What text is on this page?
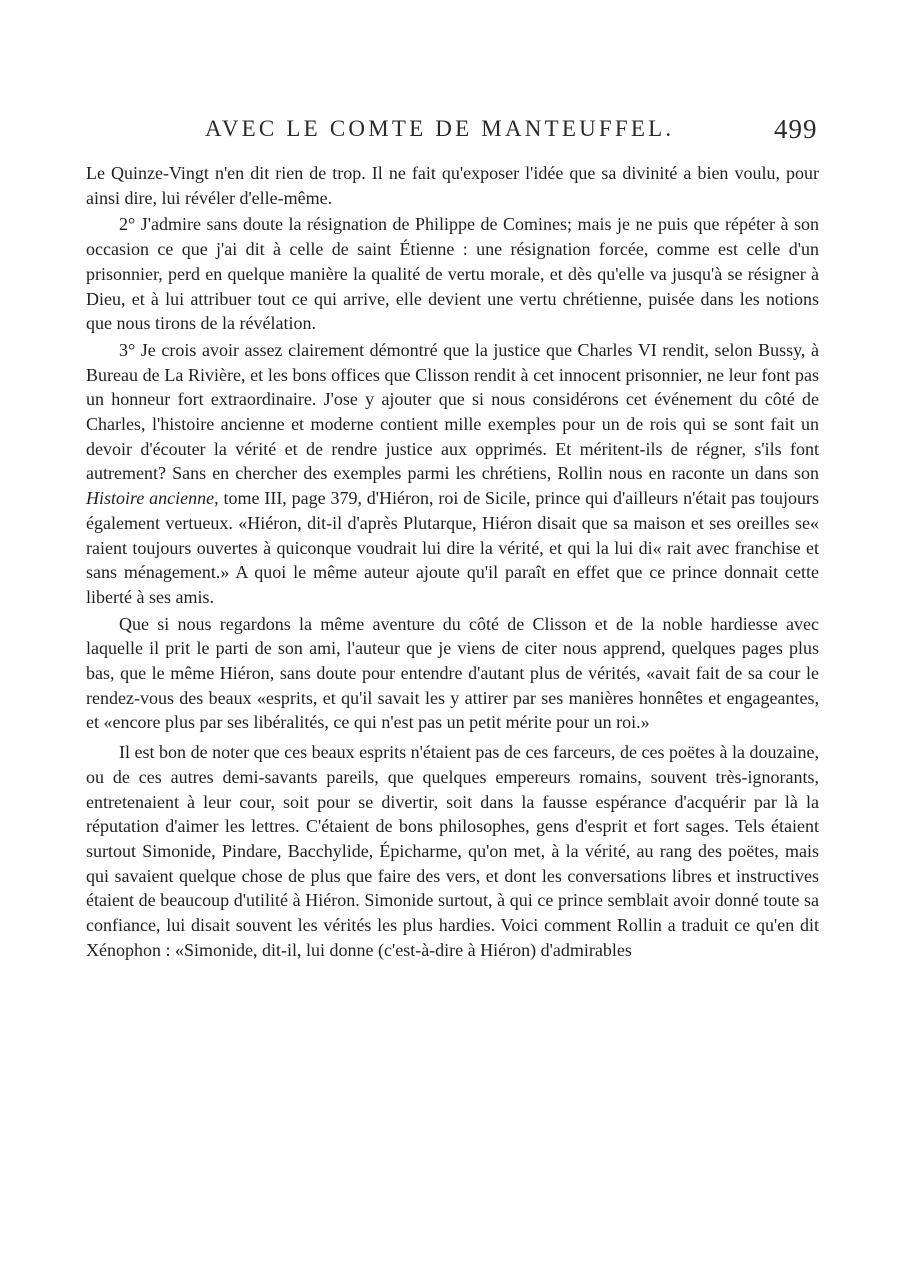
AVEC LE COMTE DE MANTEUFFEL.	499

Le Quinze-Vingt n'en dit rien de trop. Il ne fait qu'exposer l'idée que sa divinité a bien voulu, pour ainsi dire, lui révéler d'elle-même.

2° J'admire sans doute la résignation de Philippe de Comines; mais je ne puis que répéter à son occasion ce que j'ai dit à celle de saint Étienne : une résignation forcée, comme est celle d'un prisonnier, perd en quelque manière la qualité de vertu morale, et dès qu'elle va jusqu'à se résigner à Dieu, et à lui attribuer tout ce qui arrive, elle devient une vertu chrétienne, puisée dans les notions que nous tirons de la révélation.

3° Je crois avoir assez clairement démontré que la justice que Charles VI rendit, selon Bussy, à Bureau de La Rivière, et les bons offices que Clisson rendit à cet innocent prisonnier, ne leur font pas un honneur fort extraordinaire. J'ose y ajouter que si nous considérons cet événement du côté de Charles, l'histoire ancienne et moderne contient mille exemples pour un de rois qui se sont fait un devoir d'écouter la vérité et de rendre justice aux opprimés. Et méritent-ils de régner, s'ils font autrement? Sans en chercher des exemples parmi les chrétiens, Rollin nous en raconte un dans son Histoire ancienne, tome III, page 379, d'Hiéron, roi de Sicile, prince qui d'ailleurs n'était pas toujours également vertueux. «Hiéron, dit-il d'après Plutarque, Hiéron disait que sa maison et ses oreilles se« raient toujours ouvertes à quiconque voudrait lui dire la vérité, et qui la lui di« rait avec franchise et sans ménagement.» A quoi le même auteur ajoute qu'il paraît en effet que ce prince donnait cette liberté à ses amis.

Que si nous regardons la même aventure du côté de Clisson et de la noble hardiesse avec laquelle il prit le parti de son ami, l'auteur que je viens de citer nous apprend, quelques pages plus bas, que le même Hiéron, sans doute pour entendre d'autant plus de vérités, «avait fait de sa cour le rendez-vous des beaux «esprits, et qu'il savait les y attirer par ses manières honnêtes et engageantes, et «encore plus par ses libéralités, ce qui n'est pas un petit mérite pour un roi.»

Il est bon de noter que ces beaux esprits n'étaient pas de ces farceurs, de ces poëtes à la douzaine, ou de ces autres demi-savants pareils, que quelques empereurs romains, souvent très-ignorants, entretenaient à leur cour, soit pour se divertir, soit dans la fausse espérance d'acquérir par là la réputation d'aimer les lettres. C'étaient de bons philosophes, gens d'esprit et fort sages. Tels étaient surtout Simonide, Pindare, Bacchylide, Épicharme, qu'on met, à la vérité, au rang des poëtes, mais qui savaient quelque chose de plus que faire des vers, et dont les conversations libres et instructives étaient de beaucoup d'utilité à Hiéron. Simonide surtout, à qui ce prince semblait avoir donné toute sa confiance, lui disait souvent les vérités les plus hardies. Voici comment Rollin a traduit ce qu'en dit Xénophon : «Simonide, dit-il, lui donne (c'est-à-dire à Hiéron) d'admirables
